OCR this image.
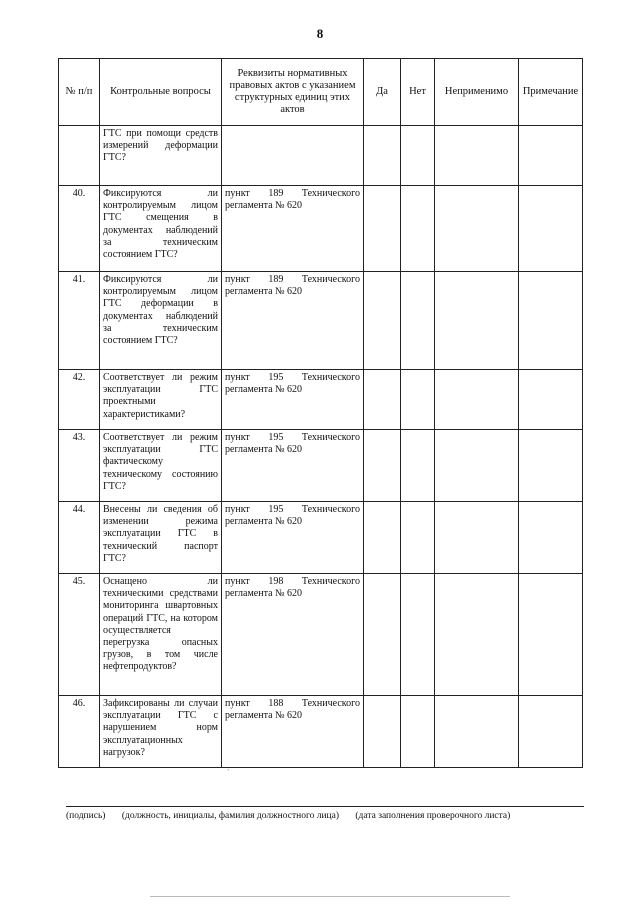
8
№ п/п	Контрольные вопросы	Реквизиты нормативных правовых актов с указанием структурных единиц этих актов	Да	Нет	Неприменимо	Примечание
	ГТС при помощи средств измерений деформации ГТС?					
40.	Фиксируются ли контролируемым лицом ГТС смещения в документах наблюдений за техническим состоянием ГТС?	пункт 189 Технического регламента № 620				
41.	Фиксируются ли контролируемым лицом ГТС деформации в документах наблюдений за техническим состоянием ГТС?	пункт 189 Технического регламента № 620				
42.	Соответствует ли режим эксплуатации ГТС проектными характеристиками?	пункт 195 Технического регламента № 620				
43.	Соответствует ли режим эксплуатации ГТС фактическому техническому состоянию ГТС?	пункт 195 Технического регламента № 620				
44.	Внесены ли сведения об изменении режима эксплуатации ГТС в технический паспорт ГТС?	пункт 195 Технического регламента № 620				
45.	Оснащено ли техническими средствами мониторинга швартовных операций ГТС, на котором осуществляется перегрузка опасных грузов, в том числе нефтепродуктов?	пункт 198 Технического регламента № 620				
46.	Зафиксированы ли случаи эксплуатации ГТС с нарушением норм эксплуатационных нагрузок?	пункт 188 Технического регламента № 620				
`
(подпись) (должность, инициалы, фамилия должностного лица) (дата заполнения проверочного листа)
